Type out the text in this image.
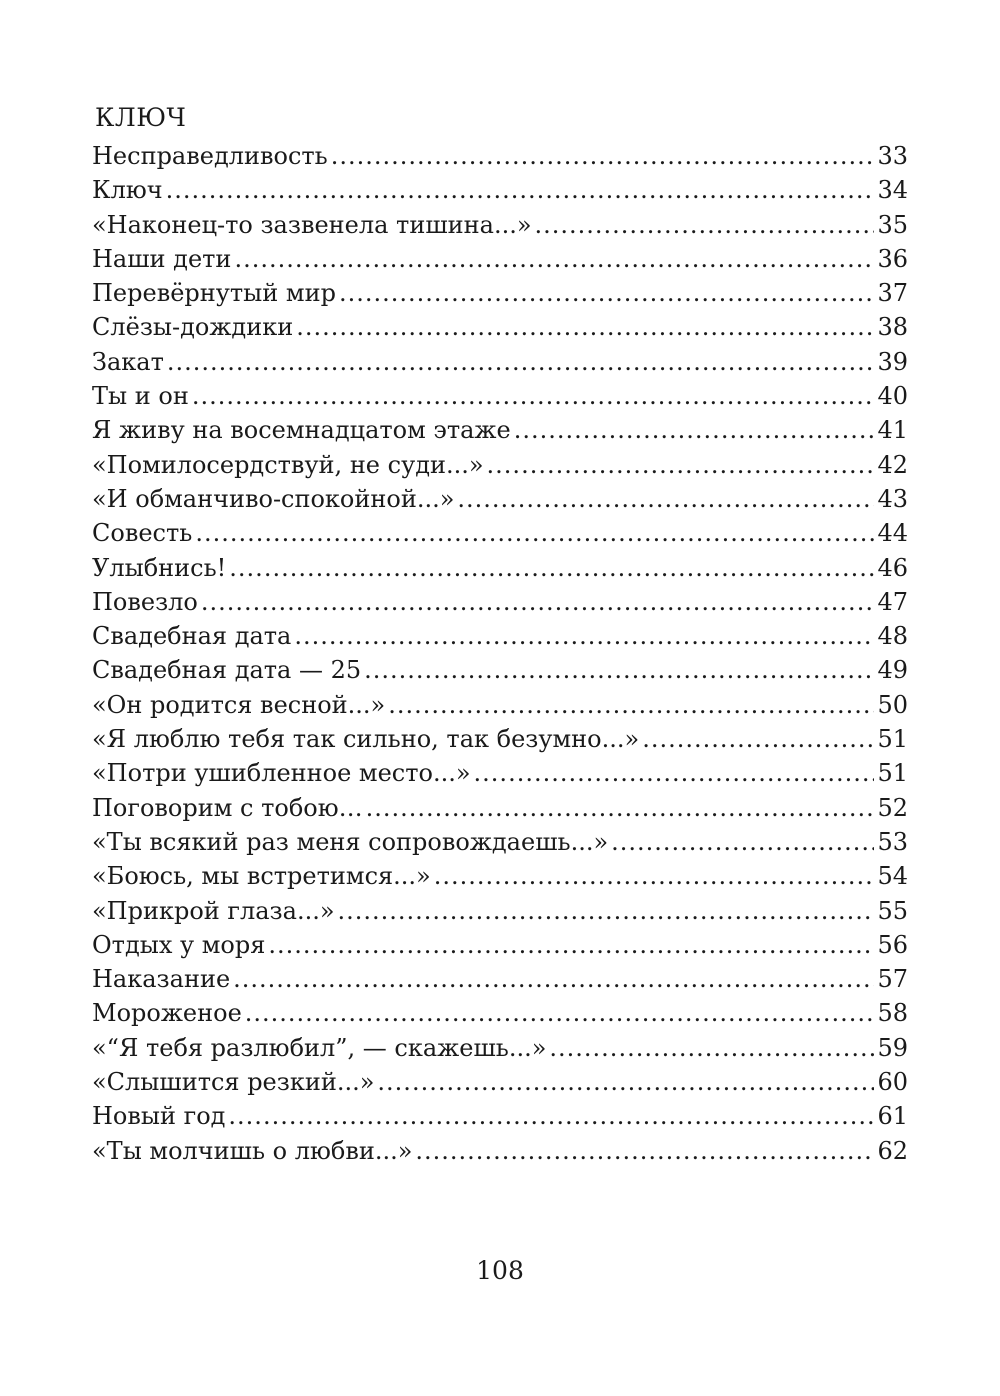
КЛЮЧ
Несправедливость .....	33
Ключ .....	34
«Наконец-то зазвенела тишина...» .....	35
Наши дети .....	36
Перевёрнутый мир .....	37
Слёзы-дождики .....	38
Закат .....	39
Ты и он .....	40
Я живу на восемнадцатом этаже .....	41
«Помилосердствуй, не суди...» .....	42
«И обманчиво-спокойной...» .....	43
Совесть .....	44
Улыбнись! .....	46
Повезло .....	47
Свадебная дата .....	48
Свадебная дата — 25 .....	49
«Он родится весной...» .....	50
«Я люблю тебя так сильно, так безумно...» .....	51
«Потри ушибленное место...» .....	51
Поговорим с тобою… .....	52
«Ты всякий раз меня сопровождаешь...» .....	53
«Боюсь, мы встретимся...» .....	54
«Прикрой глаза...» .....	55
Отдых у моря .....	56
Наказание .....	57
Мороженое .....	58
«“Я тебя разлюбил”, — скажешь...» .....	59
«Слышится резкий...» .....	60
Новый год .....	61
«Ты молчишь о любви...» .....	62

108
